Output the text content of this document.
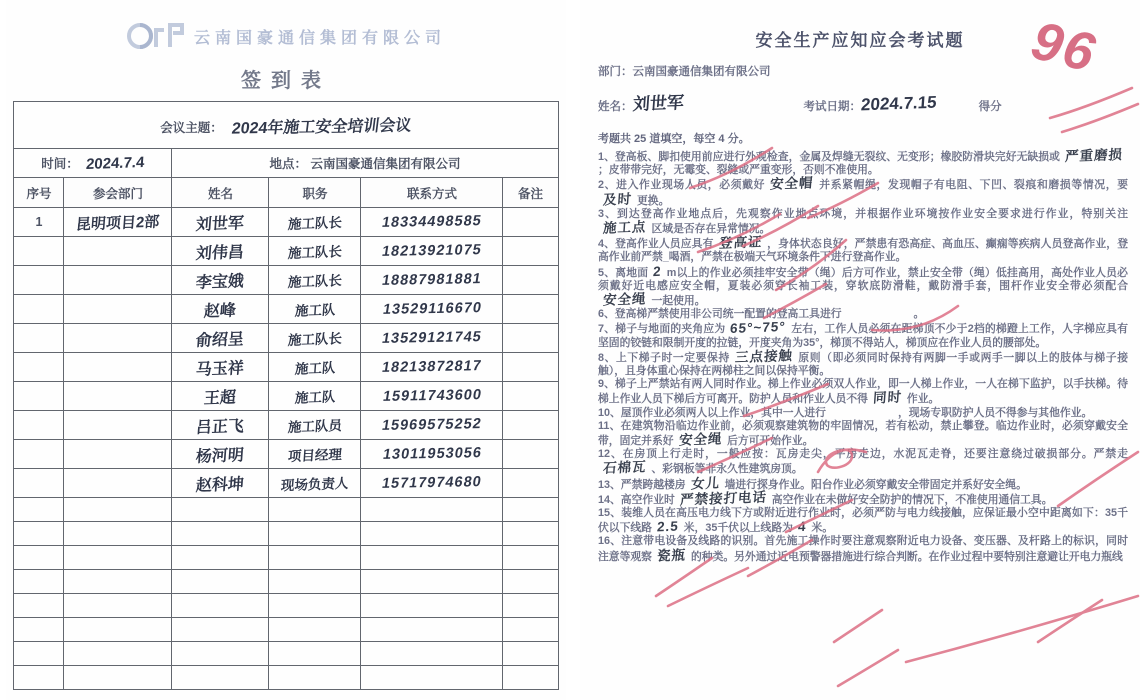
云南国豪通信集团有限公司
签到表
会议主题： 2024年施工安全培训会议					
时间： 2024.7.4		地点： 云南国豪通信集团有限公司			
序号	参会部门	姓名	职务	联系方式	备注
1	昆明项目2部	刘世军	施工队长	18334498585	
		刘伟昌	施工队长	18213921075	
		李宝娥	施工队长	18887981881	
		赵峰	施工队	13529116670	
		俞绍呈	施工队长	13529121745	
		马玉祥	施工队	18213872817	
		王超	施工队	15911743600	
		吕正飞	施工队员	15969575252	
		杨河明	项目经理	13011953056	
		赵科坤	现场负责人	15717974680	

安全生产应知应会考试题
部门：云南国豪通信集团有限公司
姓名： 刘世军	考试日期： 2024.7.15	得分
考题共 25 道填空，每空 4 分。

1、登高板、脚扣使用前应进行外观检查，金属及焊缝无裂纹、无变形；橡胶防滑块完好无缺损或 严重磨损；皮带带完好，无霉变、裂缝或严重变形，否则不准使用。

2、进入作业现场人员，必须戴好 安全帽 并系紧帽绳，发现帽子有电阻、下凹、裂痕和磨损等情况，要及时 更换。

3、到达登高作业地点后，先观察作业地点环境，并根据作业环境按作业安全要求进行作业，特别关注施工点 区域是否存在异常情况。

4、登高作业人员应具有 登高证 ，身体状态良好，严禁患有恐高症、高血压、癫痫等疾病人员登高作业，登高作业前严禁_喝酒，严禁在极端天气环境条件下进行登高作业。

5、离地面 2 m以上的作业必须挂牢安全带（绳）后方可作业，禁止安全带（绳）低挂高用，高处作业人员必须戴好近电感应安全帽，夏装必须穿长袖工装，穿软底防滑鞋，戴防滑手套，围杆作业安全带必须配合安全绳 一起使用。

6、登高梯严禁使用非公司统一配置的登高工具进行	。

7、梯子与地面的夹角应为 65°~75° 左右，工作人员必须在距梯顶不少于2档的梯蹬上工作，人字梯应具有坚固的铰链和限制开度的拉链，开度夹角为35°，梯顶不得站人，梯顶应在作业人员的腰部处。

8、上下梯子时一定要保持 三点接触 原则（即必须同时保持有两脚一手或两手一脚以上的肢体与梯子接触），且身体重心保持在两梯柱之间以保持平衡。

9、梯子上严禁站有两人同时作业。梯上作业必须双人作业，即一人梯上作业，一人在梯下监护，以手扶梯。待梯上作业人员下梯后方可离开。防护人员和作业人员不得 同时 作业。

10、屋顶作业必须两人以上作业，其中一人进行	，现场专职防护人员不得参与其他作业。

11、在建筑物沿临边作业前，必须观察建筑物的牢固情况，若有松动，禁止攀登。临边作业时，必须穿戴安全带，固定并系好 安全绳 后方可开始作业。

12、在房顶上行走时，一般应按：瓦房走尖，平房走边，水泥瓦走脊，还要注意绕过破损部分。严禁走石棉瓦 、彩钢板等非永久性建筑房顶。

13、严禁跨越楼房 女儿 墙进行探身作业。阳台作业必须穿戴安全带固定并系好安全绳。

14、高空作业时 严禁接打电话 高空作业在未做好安全防护的情况下，不准使用通信工具。

15、装维人员在高压电力线下方或附近进行作业时，必须严防与电力线接触，应保证最小空中距离如下：35千伏以下线路 2.5 米，35千伏以上线路为 4 米。

16、注意带电设备及线路的识别。首先施工操作时要注意观察附近电力设备、变压器、及杆路上的标识，同时注意等观察 瓷瓶 的种类。另外通过近电预警器措施进行综合判断。在作业过程中要特别注意避让开电力瓶线

96
